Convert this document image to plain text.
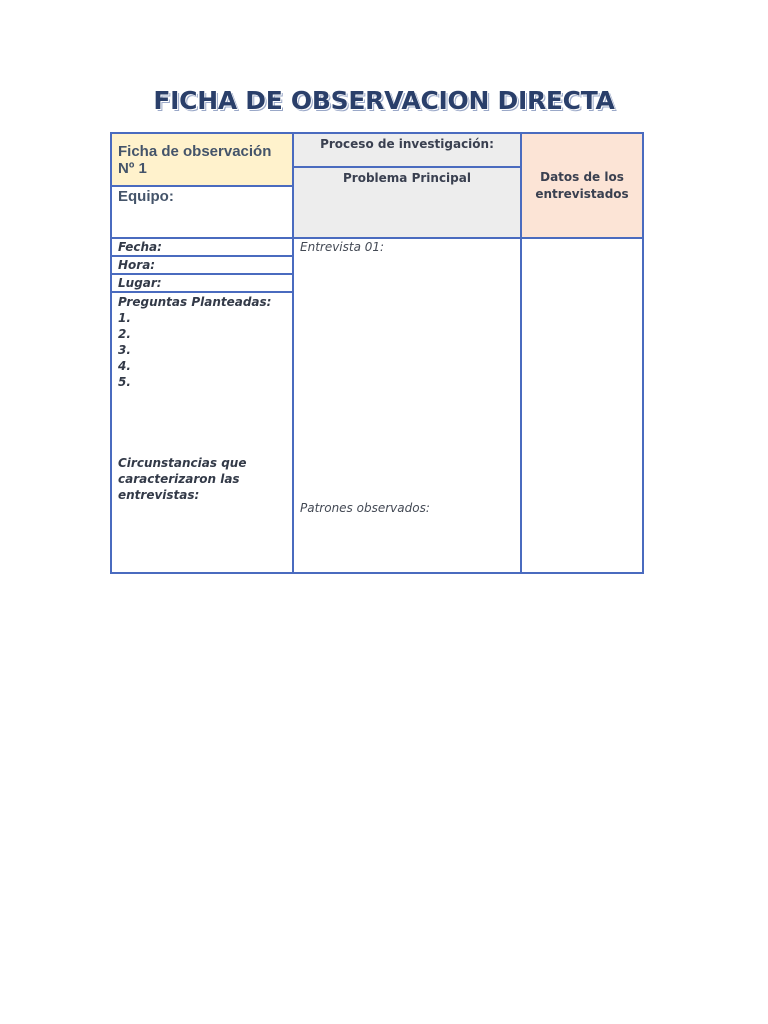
FICHA DE OBSERVACION DIRECTA
Ficha de observación Nº 1
Equipo:
Proceso de investigación:
Problema Principal	Datos de los entrevistados
Fecha:
Hora:
Lugar:
Preguntas Planteadas:
1.
2.
3.
4.
5.
Circunstancias que caracterizaron las entrevistas:
Entrevista 01:
Patrones observados:
